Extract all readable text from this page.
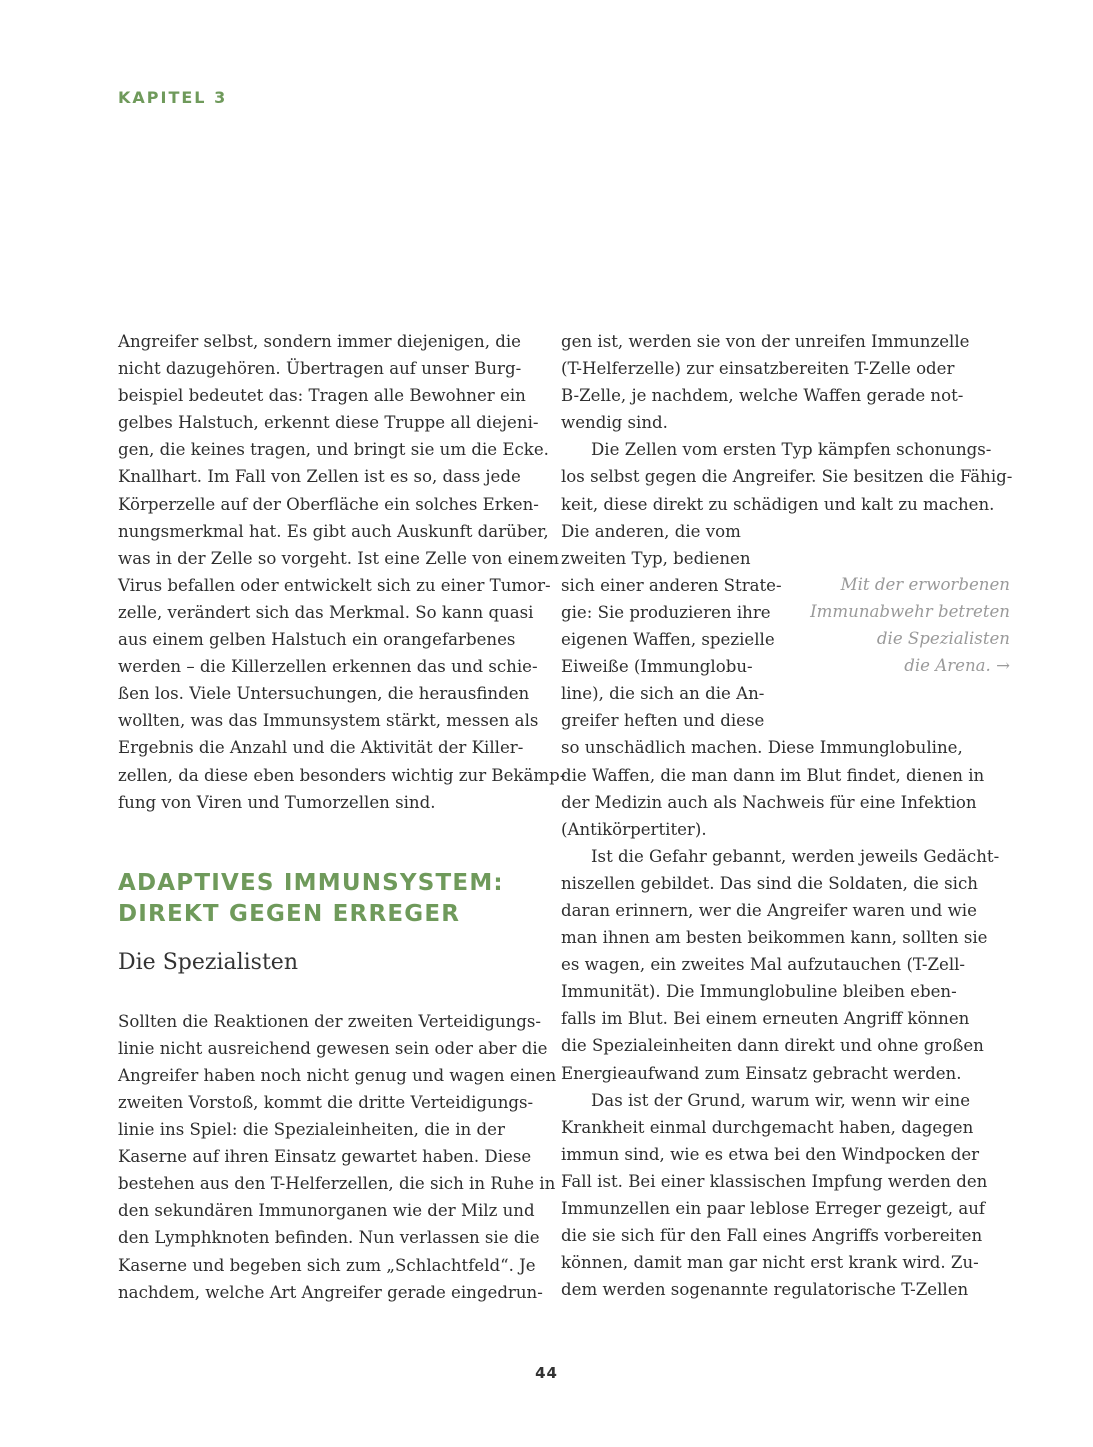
KAPITEL 3
Angreifer selbst, sondern immer diejenigen, die
nicht dazugehören. Übertragen auf unser Burg-
beispiel bedeutet das: Tragen alle Bewohner ein
gelbes Halstuch, erkennt diese Truppe all diejeni-
gen, die keines tragen, und bringt sie um die Ecke.
Knallhart. Im Fall von Zellen ist es so, dass jede
Körperzelle auf der Oberfläche ein solches Erken-
nungsmerkmal hat. Es gibt auch Auskunft darüber,
was in der Zelle so vorgeht. Ist eine Zelle von einem
Virus befallen oder entwickelt sich zu einer Tumor-
zelle, verändert sich das Merkmal. So kann quasi
aus einem gelben Halstuch ein orangefarbenes
werden – die Killerzellen erkennen das und schie-
ßen los. Viele Untersuchungen, die herausfinden
wollten, was das Immunsystem stärkt, messen als
Ergebnis die Anzahl und die Aktivität der Killer-
zellen, da diese eben besonders wichtig zur Bekämp-
fung von Viren und Tumorzellen sind.
ADAPTIVES IMMUNSYSTEM:
DIREKT GEGEN ERREGER
Die Spezialisten
Sollten die Reaktionen der zweiten Verteidigungs-
linie nicht ausreichend gewesen sein oder aber die
Angreifer haben noch nicht genug und wagen einen
zweiten Vorstoß, kommt die dritte Verteidigungs-
linie ins Spiel: die Spezialeinheiten, die in der
Kaserne auf ihren Einsatz gewartet haben. Diese
bestehen aus den T-Helferzellen, die sich in Ruhe in
den sekundären Immunorganen wie der Milz und
den Lymphknoten befinden. Nun verlassen sie die
Kaserne und begeben sich zum „Schlachtfeld“. Je
nachdem, welche Art Angreifer gerade eingedrun-
gen ist, werden sie von der unreifen Immunzelle
(T-Helferzelle) zur einsatzbereiten T-Zelle oder
B-Zelle, je nachdem, welche Waffen gerade not-
wendig sind.
Die Zellen vom ersten Typ kämpfen schonungs-
los selbst gegen die Angreifer. Sie besitzen die Fähig-
keit, diese direkt zu schädigen und kalt zu machen.
Die anderen, die vom
zweiten Typ, bedienen
sich einer anderen Strate-
gie: Sie produzieren ihre
eigenen Waffen, spezielle
Eiweiße (Immunglobu-
line), die sich an die An-
greifer heften und diese
so unschädlich machen. Diese Immunglobuline,
die Waffen, die man dann im Blut findet, dienen in
der Medizin auch als Nachweis für eine Infektion
(Antikörpertiter).
Ist die Gefahr gebannt, werden jeweils Gedächt-
niszellen gebildet. Das sind die Soldaten, die sich
daran erinnern, wer die Angreifer waren und wie
man ihnen am besten beikommen kann, sollten sie
es wagen, ein zweites Mal aufzutauchen (T-Zell-
Immunität). Die Immunglobuline bleiben eben-
falls im Blut. Bei einem erneuten Angriff können
die Spezialeinheiten dann direkt und ohne großen
Energieaufwand zum Einsatz gebracht werden.
Das ist der Grund, warum wir, wenn wir eine
Krankheit einmal durchgemacht haben, dagegen
immun sind, wie es etwa bei den Windpocken der
Fall ist. Bei einer klassischen Impfung werden den
Immunzellen ein paar leblose Erreger gezeigt, auf
die sie sich für den Fall eines Angriffs vorbereiten
können, damit man gar nicht erst krank wird. Zu-
dem werden sogenannte regulatorische T-Zellen
Mit der erworbenen
Immunabwehr betreten
die Spezialisten
die Arena. →
44
